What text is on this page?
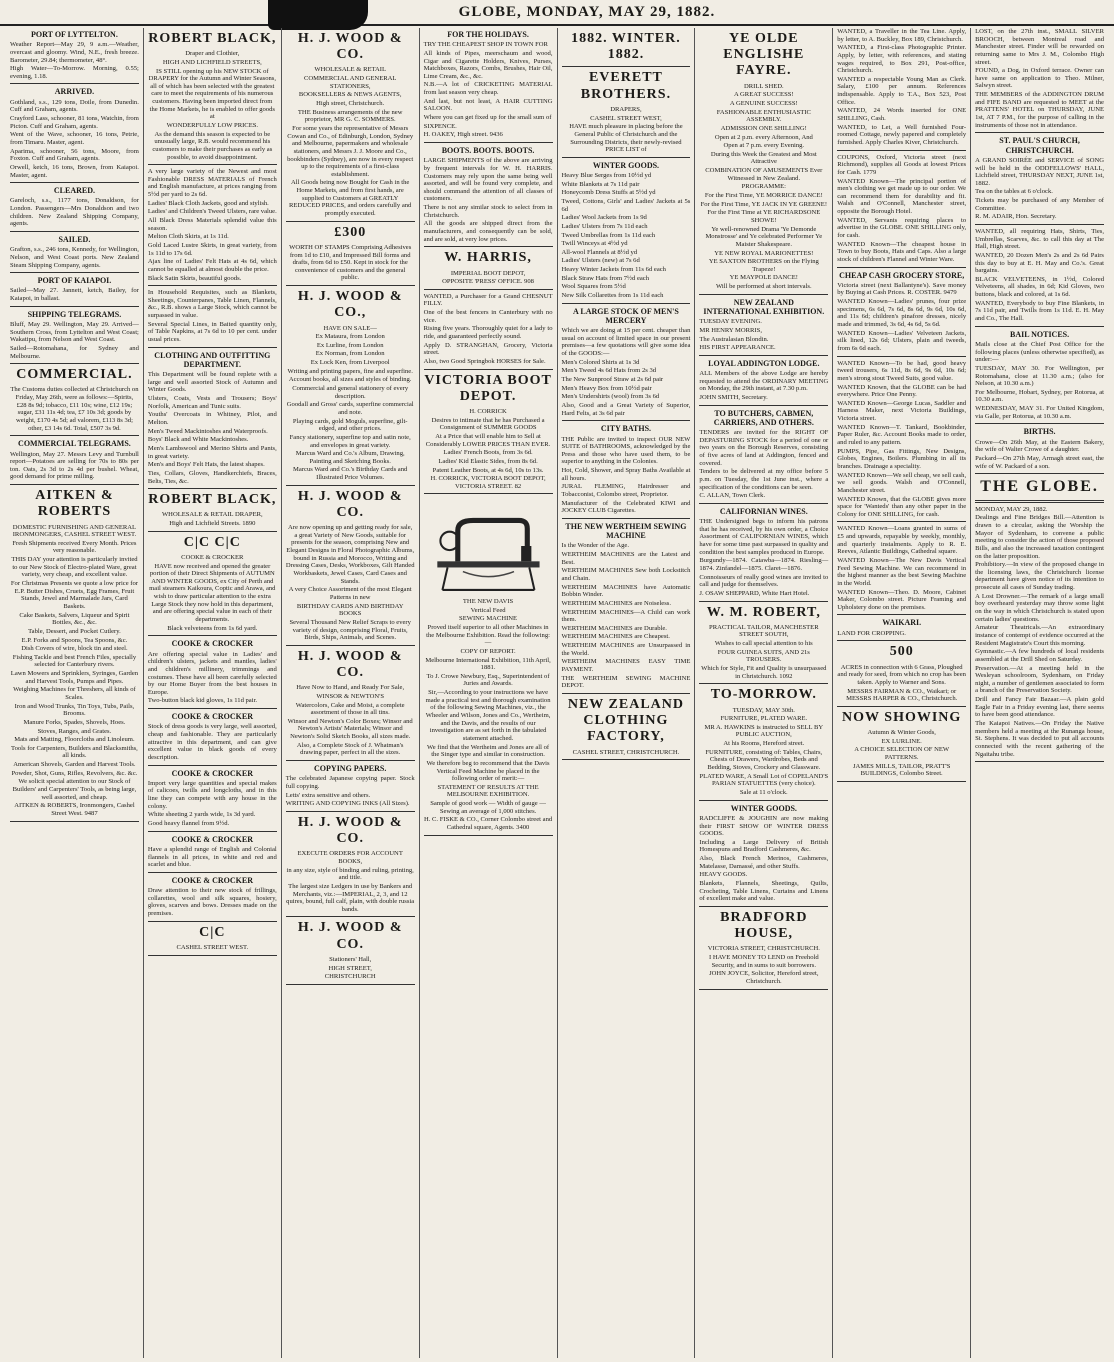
GLOBE, MONDAY, MAY 29, 1882.
PORT OF LYTTELTON.

Weather Report—May 29, 9 a.m.—Weather, overcast and gloomy. Wind, N.E., fresh breeze. Barometer, 29.84; thermometer, 48°.

High Water—To-Morrow. Morning, 0.55; evening, 1.18.

ARRIVED.

Gothland, s.s., 129 tons, Doile, from Dunedin. Cuff and Graham, agents.

Crayford Lass, schooner, 81 tons, Watchin, from Picton. Cuff and Graham, agents.

Went of the Wave, schooner, 16 tons, Petrie, from Timaru. Master, agent.

Aparima, schooner, 56 tons, Moore, from Foxton. Cuff and Graham, agents.

Orwell, ketch, 16 tons, Brown, from Kaiapoi. Master, agent.

CLEARED.

Gareloch, s.s., 1177 tons, Donaldson, for London. Passengers—Mrs Donaldson and two children. New Zealand Shipping Company, agents.

SAILED.

Grafton, s.s., 246 tons, Kennedy, for Wellington, Nelson, and West Coast ports. New Zealand Steam Shipping Company, agents.

PORT OF KAIAPOI.

Sailed—May 27. Jannett, ketch, Bailey, for Kaiapoi, in ballast.

SHIPPING TELEGRAMS.

Bluff, May 29. Wellington, May 29. Arrived—Southern Cross, from Lyttelton and West Coast; Wakatipu, from Nelson and West Coast.

Sailed—Rotomahana, for Sydney and Melbourne.

COMMERCIAL.

The Customs duties collected at Christchurch on Friday, May 26th, were as follows:—Spirits, £28 8s 9d; tobacco, £11 10s; wine, £12 19s; sugar, £31 11s 4d; tea, £7 10s 3d; goods by weight, £170 4s 5d; ad valorem, £113 8s 3d; other, £3 14s 6d. Total, £507 3s 9d.

COMMERCIAL TELEGRAMS.

Wellington, May 27. Messrs Levy and Turnbull report—Potatoes are selling for 70s to 80s per ton. Oats, 2s 3d to 2s 4d per bushel. Wheat, good demand for prime milling.

AITKEN & ROBERTS

DOMESTIC FURNISHING AND GENERAL IRONMONGERS, CASHEL STREET WEST.

Fresh Shipments received Every Month. Prices very reasonable.

THIS DAY your attention is particularly invited to our New Stock of Electro-plated Ware, great variety, very cheap, and excellent value.

For Christmas Presents we quote a low price for E.P. Butter Dishes, Cruets, Egg Frames, Fruit Stands, Jewel and Marmalade Jars, Card Baskets.

Cake Baskets, Salvers, Liqueur and Spirit Bottles, &c., &c.

Table, Dessert, and Pocket Cutlery.

E.P. Forks and Spoons, Tea Spoons, &c.

Dish Covers of wire, block tin and steel.

Fishing Tackle and best French Files, specially selected for Canterbury rivers.

Lawn Mowers and Sprinklers, Syringes, Garden and Harvest Tools, Pumps and Pipes.

Weighing Machines for Threshers, all kinds of Scales.

Iron and Wood Trunks, Tin Toys, Tubs, Pails, Brooms.

Manure Forks, Spades, Shovels, Hoes.

Stoves, Ranges, and Grates.

Mats and Matting, Floorcloths and Linoleum.

Tools for Carpenters, Builders and Blacksmiths, all kinds.

American Shovels, Garden and Harvest Tools.

Powder, Shot, Guns, Rifles, Revolvers, &c. &c.

We solicit special attention to our Stock of Builders' and Carpenters' Tools, as being large, well assorted, and cheap.

AITKEN & ROBERTS, Ironmongers, Cashel Street West. 9487

ROBERT BLACK,

Draper and Clothier,

HIGH AND LICHFIELD STREETS,

IS STILL opening up his NEW STOCK of DRAPERY for the Autumn and Winter Seasons, all of which has been selected with the greatest care to meet the requirements of his numerous customers. Having been imported direct from the Home Markets, he is enabled to offer goods at

WONDERFULLY LOW PRICES.

As the demand this season is expected to be unusually large, R.B. would recommend his customers to make their purchases as early as possible, to avoid disappointment.

A very large variety of the Newest and most Fashionable DRESS MATERIALS of French and English manufacture, at prices ranging from 5½d per yard to 2s 6d.

Ladies' Black Cloth Jackets, good and stylish.

Ladies' and Children's Tweed Ulsters, rare value.

All Black Dress Materials splendid value this season.

Melton Cloth Skirts, at 1s 11d.

Gold Laced Lustre Skirts, in great variety, from 1s 11d to 17s 6d.

Ajax line of Ladies' Felt Hats at 4s 6d, which cannot be equalled at almost double the price.

Black Satin Skirts, beautiful goods.

In Household Requisites, such as Blankets, Sheetings, Counterpanes, Table Linen, Flannels, &c., R.B. shows a Large Stock, which cannot be surpassed in value.

Several Special Lines, in Baited quantity only, of Table Napkins, at 7s 6d to 10 per cent. under usual prices.

CLOTHING AND OUTFITTING DEPARTMENT.

This Department will be found replete with a large and well assorted Stock of Autumn and Winter Goods.

Ulsters, Coats, Vests and Trousers; Boys' Norfolk, American and Tunic suits.

Youths' Overcoats in Whitney, Pilot, and Melton.

Men's Tweed Mackintoshes and Waterproofs.

Boys' Black and White Mackintoshes.

Men's Lambswool and Merino Shirts and Pants, in great variety.

Men's and Boys' Felt Hats, the latest shapes.

Ties, Collars, Gloves, Handkerchiefs, Braces, Belts, Ties, &c.

ROBERT BLACK,

WHOLESALE & RETAIL DRAPER,

High and Lichfield Streets. 1890

C|C C|C

COOKE & CROCKER

HAVE now received and opened the greater portion of their Direct Shipments of AUTUMN AND WINTER GOODS, ex City of Perth and mail steamers Kaikoura, Coptic and Arawa, and wish to draw particular attention to the extra Large Stock they now hold in this department, and are offering special value in each of their departments.

Black velveteens from 1s 6d yard.

COOKE & CROCKER

Are offering special value in Ladies' and children's ulsters, jackets and mantles, ladies' and children's millinery, trimmings and costumes. These have all been carefully selected by our Home Buyer from the best houses in Europe.

Two-button black kid gloves, 1s 11d pair.

COOKE & CROCKER

Stock of dress goods is very large, well assorted, cheap and fashionable. They are particularly attractive in this department, and can give excellent value in black goods of every description.

COOKE & CROCKER

Import very large quantities and special makes of calicoes, twills and longcloths, and in this line they can compete with any house in the colony.

White sheeting 2 yards wide, 1s 3d yard.

Good heavy flannel from 9½d.

COOKE & CROCKER

Have a splendid range of English and Colonial flannels in all prices, in white and red and scarlet and blue.

COOKE & CROCKER

Draw attention to their new stock of frillings, collarettes, wool and silk squares, hosiery, gloves, scarves and bows. Dresses made on the premises.

C|C

CASHEL STREET WEST.

H. J. WOOD & CO.

WHOLESALE & RETAIL

COMMERCIAL AND GENERAL STATIONERS,

BOOKSELLERS & NEWS AGENTS,

High street, Christchurch.

THE Business arrangements of the new proprietor, MR G. C. SOMMERS.

For some years the representative of Messrs Cowan and Co., of Edinburgh, London, Sydney and Melbourne, papermakers and wholesale stationers, and Messrs J. J. Moore and Co., bookbinders (Sydney), are now in every respect up to the requirements of a first-class establishment.

All Goods being now Bought for Cash in the Home Markets, and from first hands, are supplied to Customers at GREATLY REDUCED PRICES, and orders carefully and promptly executed.

£300

WORTH OF STAMPS Comprising Adhesives from 1d to £10, and Impressed Bill forms and drafts, from 6d to £50. Kept in stock for the convenience of customers and the general public.

H. J. WOOD & CO.,

HAVE ON SALE—

Ex Mataura, from London

Ex Lurline, from London

Ex Norman, from London

Ex Lock Ken, from Liverpool

Writing and printing papers, fine and superfine.

Account books, all sizes and styles of binding.

Commercial and general stationery of every description.

Goodall and Gross' cards, superfine commercial and note.

Playing cards, gold Moguls, superfine, gilt-edged, and other prices.

Fancy stationery, superfine top and satin note, and envelopes in great variety.

Marcus Ward and Co.'s Album, Drawing, Painting and Sketching Books.

Marcus Ward and Co.'s Birthday Cards and Illustrated Price Volumes.

H. J. WOOD & CO.

Are now opening up and getting ready for sale, a great Variety of New Goods, suitable for presents for the season, comprising New and Elegant Designs in Floral Photographic Albums, bound in Russia and Morocco, Writing and Dressing Cases, Desks, Workboxes, Gilt Handed Workbaskets, Jewel Cases, Card Cases and Stands.

A very Choice Assortment of the most Elegant Patterns in new

BIRTHDAY CARDS AND BIRTHDAY BOOKS

Several Thousand New Relief Scraps to every variety of design, comprising Floral, Fruits, Birds, Ships, Animals, and Scenes.

H. J. WOOD & CO.

Have Now to Hand, and Ready For Sale,

WINSOR & NEWTON'S

Watercolors, Cake and Moist, a complete assortment of those in all tins.

Winsor and Newton's Color Boxes; Winsor and Newton's Artists' Materials; Winsor and Newton's Solid Sketch Books, all sizes made.

Also, a Complete Stock of J. Whatman's drawing paper, perfect in all the sizes.

COPYING PAPERS.

The celebrated Japanese copying paper. Stock full copying.

Letts' extra sensitive and others.

WRITING AND COPYING INKS (All Sizes).

H. J. WOOD & CO.

EXECUTE ORDERS FOR ACCOUNT BOOKS,

in any size, style of binding and ruling, printing, and title.

The largest size Ledgers in use by Bankers and Merchants, viz.:—IMPERIAL, 2, 3, and 12 quires, bound, full calf, plain, with double russia bands.

H. J. WOOD & CO.

Stationers' Hall,

HIGH STREET,

CHRISTCHURCH

FOR THE HOLIDAYS.

TRY THE CHEAPEST SHOP IN TOWN FOR

All kinds of Pipes, meerschaum and wood, Cigar and Cigarette Holders, Knives, Purses, Matchboxes, Razors, Combs, Brushes, Hair Oil, Lime Cream, &c., &c.

N.B.—A lot of CRICKETING MATERIAL from last season very cheap.

And last, but not least, A HAIR CUTTING SALOON.

Where you can get fixed up for the small sum of

SIXPENCE.

H. OAKEY, High street. 9436

BOOTS. BOOTS. BOOTS.

LARGE SHIPMENTS of the above are arriving by frequent intervals for W. H. HARRIS. Customers may rely upon the same being well assorted, and will be found very complete, and should command the attention of all classes of customers.

There is not any similar stock to select from in Christchurch.

All the goods are shipped direct from the manufacturers, and consequently can be sold, and are sold, at very low prices.

W. HARRIS,

IMPERIAL BOOT DEPOT,

OPPOSITE 'PRESS' OFFICE. 908

WANTED, a Purchaser for a Grand CHESNUT FILLY.

One of the best fencers in Canterbury with no vice.

Rising five years. Thoroughly quiet for a lady to ride, and guaranteed perfectly sound.

Apply D. STRANGHAN, Grocery, Victoria street.

Also, two Good Springbok HORSES for Sale.

VICTORIA BOOT DEPOT.

H. CORRICK

Desires to intimate that he has Purchased a Consignment of SUMMER GOODS

At a Price that will enable him to Sell at Considerably LOWER PRICES THAN EVER.

Ladies' French Boots, from 3s 6d.

Ladies' Kid Elastic Sides, from 8s 6d.

Patent Leather Boots, at 4s 6d, 10s to 13s.

H. CORRICK, VICTORIA BOOT DEPOT, VICTORIA STREET. 82

THE NEW DAVIS

Vertical Feed

SEWING MACHINE

Proved itself superior to all other Machines in the Melbourne Exhibition. Read the following:—

COPY OF REPORT.

Melbourne International Exhibition, 11th April, 1881.

To J. Crowe Newbury, Esq., Superintendent of Juries and Awards.

Sir,—According to your instructions we have made a practical test and thorough examination of the following Sewing Machines, viz., the Wheeler and Wilson, Jones and Co., Wertheim, and the Davis, and the results of our investigation are as set forth in the tabulated statement attached.

We find that the Wertheim and Jones are all of the Singer type and similar in construction.

We therefore beg to recommend that the Davis Vertical Feed Machine be placed in the following order of merit:—

STATEMENT OF RESULTS AT THE MELBOURNE EXHIBITION.

Sample of good work — Width of gauge — Sewing an average of 1,000 stitches.

H. C. FISKE & CO., Corner Colombo street and Cathedral square, Agents. 3400

1882. WINTER. 1882.
EVERETT BROTHERS.

DRAPERS,

CASHEL STREET WEST,

HAVE much pleasure in placing before the General Public of Christchurch and the Surrounding Districts, their newly-revised PRICE LIST of

WINTER GOODS.

Heavy Blue Serges from 10½d yd

White Blankets at 7s 11d pair

Honeycomb Dress Stuffs at 5½d yd

Tweed, Cottons, Girls' and Ladies' Jackets at 5s 6d

Ladies' Wool Jackets from 1s 9d

Ladies' Ulsters from 7s 11d each

Tweed Umbrellas from 1s 11d each

Twill Winceys at 4½d yd

All-wool Flannels at 8½d yd

Ladies' Ulsters (new) at 7s 6d

Heavy Winter Jackets from 11s 6d each

Black Straw Hats from 7½d each

Wool Squares from 5½d

New Silk Collarettes from 1s 11d each

A LARGE STOCK OF MEN'S MERCERY

Which we are doing at 15 per cent. cheaper than usual on account of limited space in our present premises—a few quotations will give some idea of the GOODS:—

Men's Colored Shirts at 1s 3d

Men's Tweed 4s 6d Hats from 2s 3d

The New Sunproof Straw at 2s 6d pair

Men's Heavy Box from 10½d pair

Men's Undershirts (wool) from 3s 6d

Also, Good and a Great Variety of Superior, Hard Felts, at 3s 6d pair

CITY BATHS.

THE Public are invited to inspect OUR NEW SUITE of BATHROOMS, acknowledged by the Press and those who have used them, to be superior to anything in the Colonies.

Hot, Cold, Shower, and Spray Baths Available at all hours.

JURAL FLEMING, Hairdresser and Tobacconist, Colombo street, Proprietor.

Manufacturer of the Celebrated KIWI and JOCKEY CLUB Cigarettes.

THE NEW WERTHEIM SEWING MACHINE

Is the Wonder of the Age.

WERTHEIM MACHINES are the Latest and Best.

WERTHEIM MACHINES Sew both Lockstitch and Chain.

WERTHEIM MACHINES have Automatic Bobbin Winder.

WERTHEIM MACHINES are Noiseless.

WERTHEIM MACHINES—A Child can work them.

WERTHEIM MACHINES are Durable.

WERTHEIM MACHINES are Cheapest.

WERTHEIM MACHINES are Unsurpassed in the World.

WERTHEIM MACHINES EASY TIME PAYMENT.

THE WERTHEIM SEWING MACHINE DEPOT.

NEW ZEALAND CLOTHING FACTORY,

CASHEL STREET, CHRISTCHURCH.

YE OLDE ENGLISHE FAYRE.

DRILL SHED.

A GREAT SUCCESS!

A GENUINE SUCCESS!

FASHIONABLE ENTHUSIASTIC ASSEMBLY.

ADMISSION ONE SHILLING!

Open at 2 p.m. every Afternoon, And

Open at 7 p.m. every Evening.

During this Week the Greatest and Most Attractive

COMBINATION OF AMUSEMENTS Ever Witnessed in New Zealand.

PROGRAMME:

For the First Time, YE MORRICE DANCE!

For the First Time, YE JACK IN YE GREENE!

For the First Time at YE RICHARDSONE SHOWE!

Ye well-renowned Drama 'Ye Demonde Monstrosse' and Ye celebrated Performer Ye Maister Shakespeare.

YE NEW ROYAL MARIONETTES!

YE SAXTON BROTHERS on the Flying Trapeze!

YE MAYPOLE DANCE!

Will be performed at short intervals.

NEW ZEALAND INTERNATIONAL EXHIBITION.

TUESDAY EVENING.

MR HENRY MORRIS,

The Australasian Blondin.

HIS FIRST APPEARANCE.

LOYAL ADDINGTON LODGE.

ALL Members of the above Lodge are hereby requested to attend the ORDINARY MEETING on Monday, the 29th instant, at 7.30 p.m.

JOHN SMITH, Secretary.

TO BUTCHERS, CABMEN, CARRIERS, AND OTHERS.

TENDERS are invited for the RIGHT OF DEPASTURING STOCK for a period of one or two years on the Borough Reserves, consisting of five acres of land at Addington, fenced and covered.

Tenders to be delivered at my office before 5 p.m. on Tuesday, the 1st June inst., where a specification of the conditions can be seen.

C. ALLAN, Town Clerk.

CALIFORNIAN WINES.

THE Undersigned begs to inform his patrons that he has received, by his own order, a Choice Assortment of CALIFORNIAN WINES, which have for some time past surpassed in quality and condition the best samples produced in Europe.

Burgundy—1874. Catawba—1874. Riesling—1874. Zinfandel—1875. Claret—1876.

Connoisseurs of really good wines are invited to call and judge for themselves.

J. OSAW SHEPPARD, White Hart Hotel.

W. M. ROBERT,

PRACTICAL TAILOR, MANCHESTER STREET SOUTH,

Wishes to call special attention to his

FOUR GUINEA SUITS, AND 21s TROUSERS.

Which for Style, Fit and Quality is unsurpassed in Christchurch. 1092

TO-MORROW.

TUESDAY, MAY 30th.

FURNITURE, PLATED WARE.

MR A. HAWKINS is instructed to SELL BY PUBLIC AUCTION,

At his Rooms, Hereford street.

FURNITURE, consisting of: Tables, Chairs, Chests of Drawers, Wardrobes, Beds and Bedding, Stoves, Crockery and Glassware.

PLATED WARE, A Small Lot of COPELAND'S PARIAN STATUETTES (very choice).

Sale at 11 o'clock.

WINTER GOODS.

RADCLIFFE & JOUGHIN are now making their FIRST SHOW OF WINTER DRESS GOODS.

Including a Large Delivery of British Homespuns and Bradford Cashmeres, &c.

Also, Black French Merinos, Cashmeres, Matelasse, Damassé, and other Stuffs.

HEAVY GOODS.

Blankets, Flannels, Sheetings, Quilts, Crocheting, Table Linens, Curtains and Linens of excellent make and value.

BRADFORD HOUSE,

VICTORIA STREET, CHRISTCHURCH.

I HAVE MONEY TO LEND on Freehold Security, and in sums to suit borrowers.

JOHN JOYCE, Solicitor, Hereford street, Christchurch.

WANTED, a Traveller in the Tea Line. Apply, by letter, to A. Buckley, Box 189, Christchurch.

WANTED, a First-class Photographic Printer. Apply, by letter, with references, and stating wages required, to Box 291, Post-office, Christchurch.

WANTED a respectable Young Man as Clerk. Salary, £100 per annum. References indispensable. Apply to T.A., Box 523, Post Office.

WANTED, 24 Words inserted for ONE SHILLING, Cash.

WANTED, to Let, a Well furnished Four-roomed Cottage, newly papered and completely furnished. Apply Charles Kiver, Christchurch.

COUPONS, Oxford, Victoria street (next Richmond), supplies all Goods at lowest Prices for Cash. 1779

WANTED Known—The principal portion of men's clothing we get made up to our order. We can recommend them for durability and fit. Walsh and O'Connell, Manchester street, opposite the Borough Hotel.

WANTED, Servants requiring places to advertise in the GLOBE. ONE SHILLING only, for cash.

WANTED Known—The cheapest house in Town to buy Boots, Hats and Caps. Also a large stock of children's Flannel and Winter Ware.

CHEAP CASH GROCERY STORE,

Victoria street (next Ballantyne's). Save money by Buying at Cash Prices. R. COSTER. 9479

WANTED Known—Ladies' prunes, four prize specimens, 6s 6d, 7s 6d, 8s 6d, 9s 6d, 10s 6d, and 11s 6d; children's pinafore dresses, nicely made and trimmed, 3s 6d, 4s 6d, 5s 6d.

WANTED Known—Ladies' Velveteen Jackets, silk lined, 12s 6d; Ulsters, plain and tweeds, from 6s 6d each.

WANTED Known—To be had, good heavy tweed trousers, 6s 11d, 8s 6d, 9s 6d, 10s 6d; men's strong stout Tweed Suits, good value.

WANTED Known, that the GLOBE can be had everywhere. Price One Penny.

WANTED Known—George Lucas, Saddler and Harness Maker, next Victoria Buildings, Victoria street.

WANTED Known—T. Tankard, Bookbinder, Paper Ruler, &c. Account Books made to order, and ruled to any pattern.

PUMPS, Pipe, Gas Fittings, New Designs, Globes, Engines, Boilers. Plumbing in all its branches. Drainage a speciality.

WANTED Known—We sell cheap, we sell cash, we sell goods. Walsh and O'Connell, Manchester street.

WANTED Known, that the GLOBE gives more space for 'Wanteds' than any other paper in the Colony for ONE SHILLING, for cash.

WANTED Known—Loans granted in sums of £5 and upwards, repayable by weekly, monthly, and quarterly instalments. Apply to R. E. Reeves, Atlantic Buildings, Cathedral square.

WANTED Known—The New Davis Vertical Feed Sewing Machine. We can recommend in the highest manner as the best Sewing Machine in the World.

WANTED Known—Theo. D. Moore, Cabinet Maker, Colombo street. Picture Framing and Upholstery done on the premises.

WAIKARI.

LAND FOR CROPPING.

500

ACRES in connection with 6 Grass, Ploughed and ready for seed, from which no crop has been taken. Apply to Warner and Sons.

MESSRS FAIRMAN & CO., Waikari; or MESSRS HARPER & CO., Christchurch.

NOW SHOWING

Autumn & Winter Goods,

EX LURLINE.

A CHOICE SELECTION OF NEW PATTERNS.

JAMES MILLS, TAILOR, PRATT'S BUILDINGS, Colombo Street.

LOST, on the 27th inst., SMALL SILVER BROOCH, between Montreal road and Manchester street. Finder will be rewarded on returning same to Mrs J. M., Colombo High street.

FOUND, a Dog, in Oxford terrace. Owner can have same on application to Theo. Milner, Salwyn street.

THE MEMBERS of the ADDINGTON DRUM and FIFE BAND are requested to MEET at the PRATTENS' HOTEL on THURSDAY, JUNE 1st, AT 7 P.M., for the purpose of calling in the instruments of those not in attendance.

ST. PAUL'S CHURCH, CHRISTCHURCH.

A GRAND SOIRÉE and SERVICE of SONG will be held in the ODDFELLOWS' HALL, Lichfield street, THURSDAY NEXT, JUNE 1st, 1882.

Tea on the tables at 6 o'clock.

Tickets may be purchased of any Member of Committee.

R. M. ADAIR, Hon. Secretary.

WANTED, all requiring Hats, Shirts, Ties, Umbrellas, Scarves, &c. to call this day at The Hall, High street.

WANTED, 20 Dozen Men's 2s and 2s 6d Pairs this day to buy at E. H. May and Co.'s. Great bargains.

BLACK VELVETEENS, in 1½d, Colored Velveteens, all shades, in 6d; Kid Gloves, two buttons, black and colored, at 1s 6d.

WANTED, Everybody to buy Fine Blankets, in 7s 11d pair, and Twills from 1s 11d. E. H. May and Co., The Hall.

BAIL NOTICES.

Mails close at the Chief Post Office for the following places (unless otherwise specified), as under:—

TUESDAY, MAY 30. For Wellington, per Rotomahana, close at 11.30 a.m.; (also for Nelson, at 10.30 a.m.)

For Melbourne, Hobart, Sydney, per Rotorua, at 10.30 a.m.

WEDNESDAY, MAY 31. For United Kingdom, via Galle, per Rotorua, at 10.30 a.m.

BIRTHS.

Crowe—On 26th May, at the Eastern Bakery, the wife of Walter Crowe of a daughter.

Packard—On 27th May, Armagh street east, the wife of W. Packard of a son.

THE GLOBE.

MONDAY, MAY 29, 1882.

Dealings and Fine Bridges Bill.—Attention is drawn to a circular, asking the Worship the Mayor of Sydenham, to convene a public meeting to consider the action of those proposed Bills, and also the increased taxation contingent on the latter proposition.

Prohibitory.—In view of the proposed change in the licensing laws, the Christchurch license department have given notice of its intention to prosecute all cases of Sunday trading.

A Lost Drowner.—The remark of a large small boy overheard yesterday may throw some light on the way in which Christchurch is stated upon certain ladies' questions.

Amateur Theatricals.—An extraordinary instance of contempt of evidence occurred at the Resident Magistrate's Court this morning.

Gymnastic.—A few hundreds of local residents assembled at the Drill Shed on Saturday.

Preservation.—At a meeting held in the Wesleyan schoolroom, Sydenham, on Friday night, a number of gentlemen associated to form a branch of the Preservation Society.

Drill and Fancy Fair Bazaar.—A plain gold Eagle Fair in a Friday evening last, there seems to have been good attendance.

The Kaiapoi Natives.—On Friday the Native members held a meeting at the Runanga house, St. Stephens. It was decided to put all accounts connected with the recent gathering of the Ngaitahu tribe.
